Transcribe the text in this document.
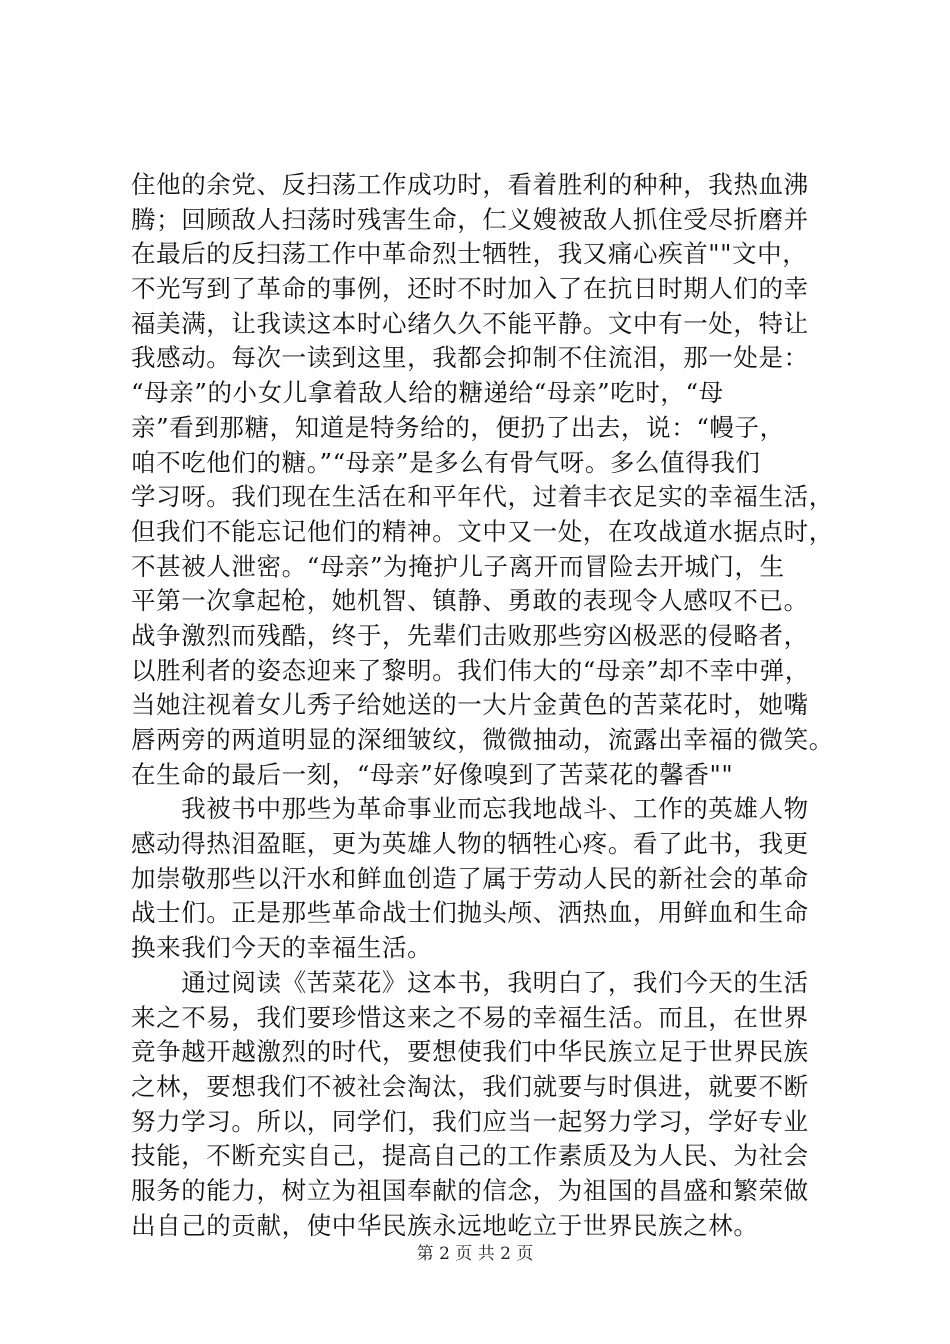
住他的余党、反扫荡工作成功时，看着胜利的种种，我热血沸
腾；回顾敌人扫荡时残害生命，仁义嫂被敌人抓住受尽折磨并
在最后的反扫荡工作中革命烈士牺牲，我又痛心疾首""文中，
不光写到了革命的事例，还时不时加入了在抗日时期人们的幸
福美满，让我读这本时心绪久久不能平静。文中有一处，特让
我感动。每次一读到这里，我都会抑制不住流泪，那一处是：
“母亲”的小女儿拿着敌人给的糖递给“母亲”吃时，“母
亲”看到那糖，知道是特务给的，便扔了出去，说：“幔子，
咱不吃他们的糖。”“母亲”是多么有骨气呀。多么值得我们
学习呀。我们现在生活在和平年代，过着丰衣足实的幸福生活，
但我们不能忘记他们的精神。文中又一处，在攻战道水据点时，
不甚被人泄密。“母亲”为掩护儿子离开而冒险去开城门，生
平第一次拿起枪，她机智、镇静、勇敢的表现令人感叹不已。
战争激烈而残酷，终于，先辈们击败那些穷凶极恶的侵略者，
以胜利者的姿态迎来了黎明。我们伟大的“母亲”却不幸中弹，
当她注视着女儿秀子给她送的一大片金黄色的苦菜花时，她嘴
唇两旁的两道明显的深细皱纹，微微抽动，流露出幸福的微笑。
在生命的最后一刻，“母亲”好像嗅到了苦菜花的馨香""
　　我被书中那些为革命事业而忘我地战斗、工作的英雄人物
感动得热泪盈眶，更为英雄人物的牺牲心疼。看了此书，我更
加崇敬那些以汗水和鲜血创造了属于劳动人民的新社会的革命
战士们。正是那些革命战士们抛头颅、洒热血，用鲜血和生命
换来我们今天的幸福生活。
　　通过阅读《苦菜花》这本书，我明白了，我们今天的生活
来之不易，我们要珍惜这来之不易的幸福生活。而且，在世界
竞争越开越激烈的时代，要想使我们中华民族立足于世界民族
之林，要想我们不被社会淘汰，我们就要与时俱进，就要不断
努力学习。所以，同学们，我们应当一起努力学习，学好专业
技能，不断充实自己，提高自己的工作素质及为人民、为社会
服务的能力，树立为祖国奉献的信念，为祖国的昌盛和繁荣做
出自己的贡献，使中华民族永远地屹立于世界民族之林。
第 2 页 共 2 页
